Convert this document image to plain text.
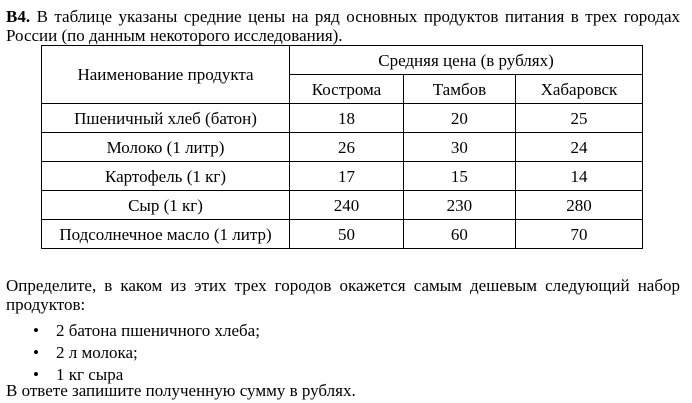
B4. В таблице указаны средние цены на ряд основных продуктов питания в трех городах России (по данным некоторого исследования).
Наименование продукта	Средняя цена (в рублях)		
	Кострома	Тамбов	Хабаровск
Пшеничный хлеб (батон)	18	20	25
Молоко (1 литр)	26	30	24
Картофель (1 кг)	17	15	14
Сыр (1 кг)	240	230	280
Подсолнечное масло (1 литр)	50	60	70
Определите, в каком из этих трех городов окажется самым дешевым следующий набор продуктов:
• 2 батона пшеничного хлеба;
• 2 л молока;
• 1 кг сыра
В ответе запишите полученную сумму в рублях.
